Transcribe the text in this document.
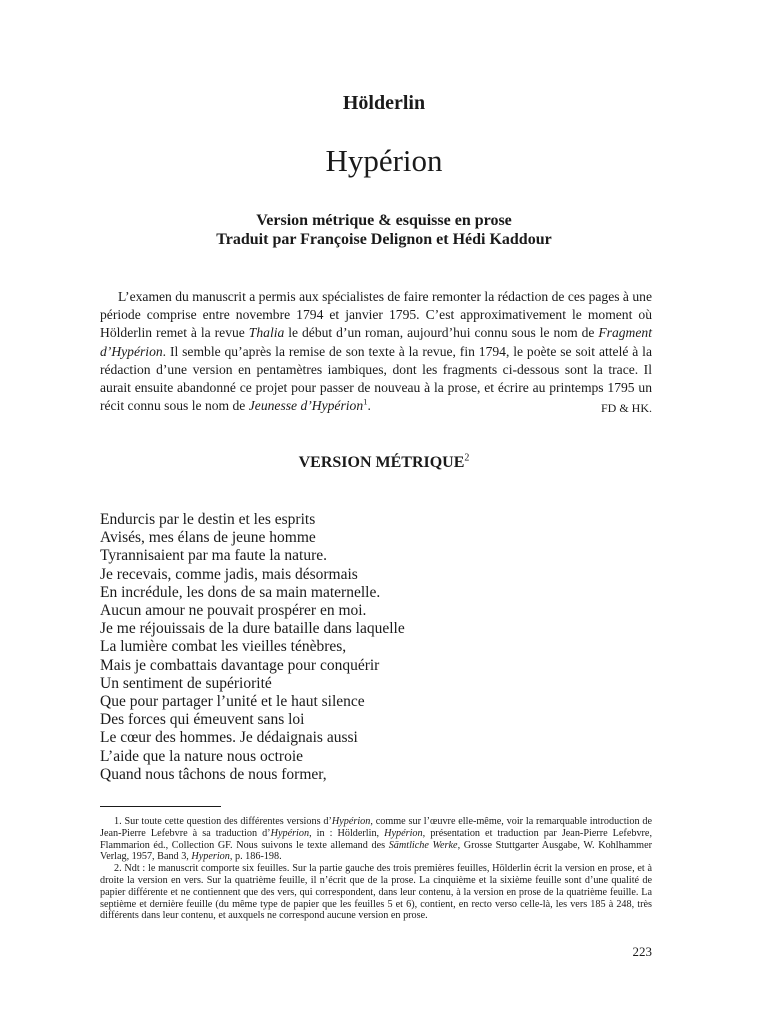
Hölderlin
Hypérion
Version métrique & esquisse en prose
Traduit par Françoise Delignon et Hédi Kaddour

L’examen du manuscrit a permis aux spécialistes de faire remonter la rédaction de ces pages à une période comprise entre novembre 1794 et janvier 1795. C’est approximativement le moment où Hölderlin remet à la revue Thalia le début d’un roman, aujourd’hui connu sous le nom de Fragment d’Hypérion. Il semble qu’après la remise de son texte à la revue, fin 1794, le poète se soit attelé à la rédaction d’une version en pentamètres iambiques, dont les fragments ci-dessous sont la trace. Il aurait ensuite abandonné ce projet pour passer de nouveau à la prose, et écrire au printemps 1795 un récit connu sous le nom de Jeunesse d’Hypérion$^1$.	FD & HK.
VERSION MÉTRIQUE$^2$
Endurcis par le destin et les esprits
Avisés, mes élans de jeune homme
Tyrannisaient par ma faute la nature.
Je recevais, comme jadis, mais désormais
En incrédule, les dons de sa main maternelle.
Aucun amour ne pouvait prospérer en moi.
Je me réjouissais de la dure bataille dans laquelle
La lumière combat les vieilles ténèbres,
Mais je combattais davantage pour conquérir
Un sentiment de supériorité
Que pour partager l’unité et le haut silence
Des forces qui émeuvent sans loi
Le cœur des hommes. Je dédaignais aussi
L’aide que la nature nous octroie
Quand nous tâchons de nous former,

1. Sur toute cette question des différentes versions d’Hypérion, comme sur l’œuvre elle-même, voir la remarquable introduction de Jean-Pierre Lefebvre à sa traduction d’Hypérion, in : Hölderlin, Hypérion, présentation et traduction par Jean-Pierre Lefebvre, Flammarion éd., Collection GF. Nous suivons le texte allemand des Sämtliche Werke, Grosse Stuttgarter Ausgabe, W. Kohlhammer Verlag, 1957, Band 3, Hyperion, p. 186-198.

2. Ndt : le manuscrit comporte six feuilles. Sur la partie gauche des trois premières feuilles, Hölderlin écrit la version en prose, et à droite la version en vers. Sur la quatrième feuille, il n’écrit que de la prose. La cinquième et la sixième feuille sont d’une qualité de papier différente et ne contiennent que des vers, qui correspondent, dans leur contenu, à la version en prose de la quatrième feuille. La septième et dernière feuille (du même type de papier que les feuilles 5 et 6), contient, en recto verso celle-là, les vers 185 à 248, très différents dans leur contenu, et auxquels ne correspond aucune version en prose.

223
